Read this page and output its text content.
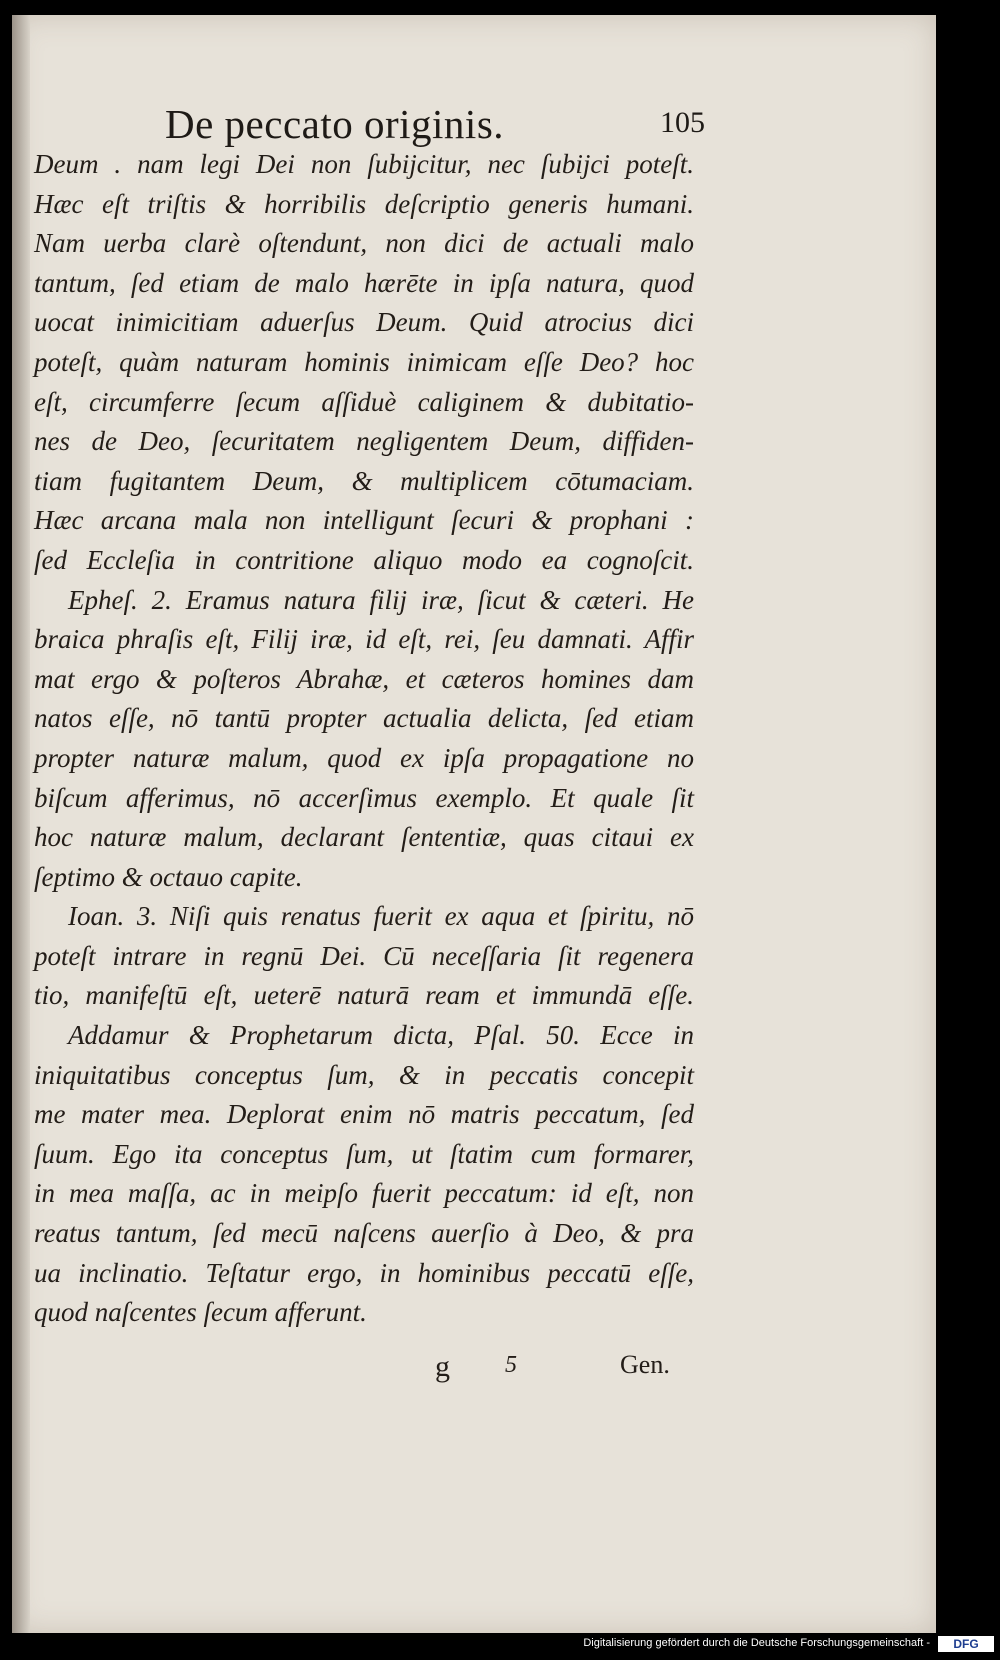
De peccato originis.	105
Deum . nam legi Dei non ſubijcitur, nec ſubijci poteſt.
Hæc eſt triſtis & horribilis deſcriptio generis humani.
Nam uerba clarè oſtendunt, non dici de actuali malo
tantum, ſed etiam de malo hærēte in ipſa natura, quod
uocat inimicitiam aduerſus Deum. Quid atrocius dici
poteſt, quàm naturam hominis inimicam eſſe Deo? hoc
eſt, circumferre ſecum aſſiduè caliginem & dubitatio-
nes de Deo, ſecuritatem negligentem Deum, diffiden-
tiam fugitantem Deum, & multiplicem cōtumaciam.
Hæc arcana mala non intelligunt ſecuri & prophani :
ſed Eccleſia in contritione aliquo modo ea cognoſcit.
Epheſ. 2. Eramus natura filij iræ, ſicut & cæteri. He
braica phraſis eſt, Filij iræ, id eſt, rei, ſeu damnati. Affir
mat ergo & poſteros Abrahæ, et cæteros homines dam
natos eſſe, nō tantū propter actualia delicta, ſed etiam
propter naturæ malum, quod ex ipſa propagatione no
biſcum afferimus, nō accerſimus exemplo. Et quale ſit
hoc naturæ malum, declarant ſententiæ, quas citaui ex
ſeptimo & octauo capite.
Ioan. 3. Niſi quis renatus fuerit ex aqua et ſpiritu, nō
poteſt intrare in regnū Dei. Cū neceſſaria ſit regenera
tio, manifeſtū eſt, ueterē naturā ream et immundā eſſe.
Addamur & Prophetarum dicta, Pſal. 50. Ecce in
iniquitatibus conceptus ſum, & in peccatis concepit
me mater mea. Deplorat enim nō matris peccatum, ſed
ſuum. Ego ita conceptus ſum, ut ſtatim cum formarer,
in mea maſſa, ac in meipſo fuerit peccatum: id eſt, non
reatus tantum, ſed mecū naſcens auerſio à Deo, & pra
ua inclinatio. Teſtatur ergo, in hominibus peccatū eſſe,
quod naſcentes ſecum afferunt.
g 5	Gen.
Digitalisierung gefördert durch die Deutsche Forschungsgemeinschaft -	DFG
